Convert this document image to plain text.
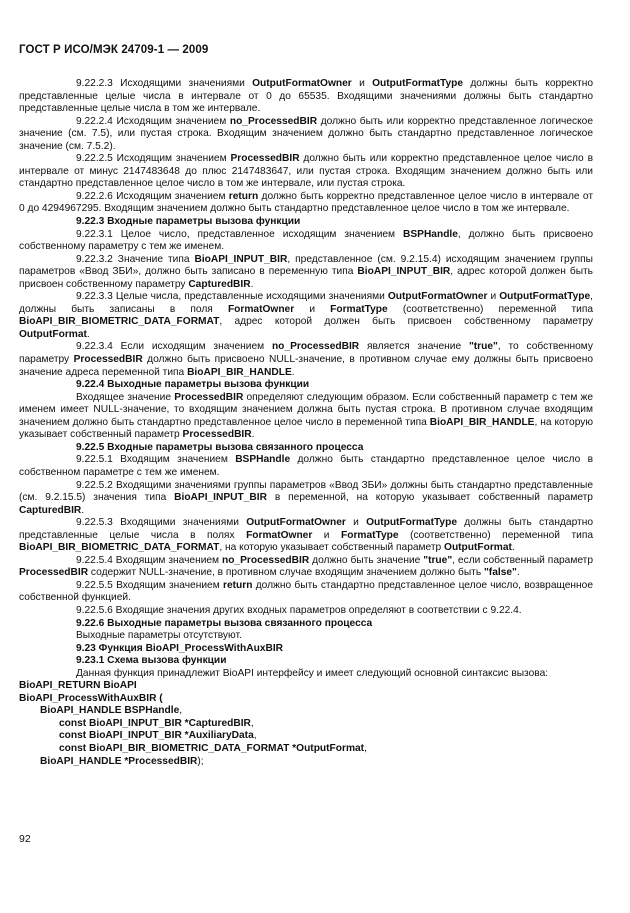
ГОСТ Р ИСО/МЭК 24709-1 — 2009

9.22.2.3 Исходящими значениями OutputFormatOwner и OutputFormatType должны быть корректно представленные целые числа в интервале от 0 до 65535. Входящими значениями должны быть стандартно представленные целые числа в том же интервале.

9.22.2.4 Исходящим значением no_ProcessedBIR должно быть или корректно представленное логическое значение (см. 7.5), или пустая строка. Входящим значением должно быть стандартно представленное логическое значение (см. 7.5.2).

9.22.2.5 Исходящим значением ProcessedBIR должно быть или корректно представленное целое число в интервале от минус 2147483648 до плюс 2147483647, или пустая строка. Входящим значением должно быть или стандартно представленное целое число в том же интервале, или пустая строка.

9.22.2.6 Исходящим значением return должно быть корректно представленное целое число в интервале от 0 до 4294967295. Входящим значением должно быть стандартно представленное целое число в том же интервале.

9.22.3 Входные параметры вызова функции

9.22.3.1 Целое число, представленное исходящим значением BSPHandle, должно быть присвоено собственному параметру с тем же именем.

9.22.3.2 Значение типа BioAPI_INPUT_BIR, представленное (см. 9.2.15.4) исходящим значением группы параметров «Ввод ЗБИ», должно быть записано в переменную типа BioAPI_INPUT_BIR, адрес которой должен быть присвоен собственному параметру CapturedBIR.

9.22.3.3 Целые числа, представленные исходящими значениями OutputFormatOwner и OutputFormatType, должны быть записаны в поля FormatOwner и FormatType (соответственно) переменной типа BioAPI_BIR_BIOMETRIC_DATA_FORMAT, адрес которой должен быть присвоен собственному параметру OutputFormat.

9.22.3.4 Если исходящим значением no_ProcessedBIR является значение "true", то собственному параметру ProcessedBIR должно быть присвоено NULL-значение, в противном случае ему должны быть присвоено значение адреса переменной типа BioAPI_BIR_HANDLE.

9.22.4 Выходные параметры вызова функции

Входящее значение ProcessedBIR определяют следующим образом. Если собственный параметр с тем же именем имеет NULL-значение, то входящим значением должна быть пустая строка. В противном случае входящим значением должно быть стандартно представленное целое число в переменной типа BioAPI_BIR_HANDLE, на которую указывает собственный параметр ProcessedBIR.

9.22.5 Входные параметры вызова связанного процесса

9.22.5.1 Входящим значением BSPHandle должно быть стандартно представленное целое число в собственном параметре с тем же именем.

9.22.5.2 Входящими значениями группы параметров «Ввод ЗБИ» должны быть стандартно представленные (см. 9.2.15.5) значения типа BioAPI_INPUT_BIR в переменной, на которую указывает собственный параметр CapturedBIR.

9.22.5.3 Входящими значениями OutputFormatOwner и OutputFormatType должны быть стандартно представленные целые числа в полях FormatOwner и FormatType (соответственно) переменной типа BioAPI_BIR_BIOMETRIC_DATA_FORMAT, на которую указывает собственный параметр OutputFormat.

9.22.5.4 Входящим значением no_ProcessedBIR должно быть значение "true", если собственный параметр ProcessedBIR содержит NULL-значение, в противном случае входящим значением должно быть "false".

9.22.5.5 Входящим значением return должно быть стандартно представленное целое число, возвращенное собственной функцией.

9.22.5.6 Входящие значения других входных параметров определяют в соответствии с 9.22.4.

9.22.6 Выходные параметры вызова связанного процесса

Выходные параметры отсутствуют.

9.23 Функция BioAPI_ProcessWithAuxBIR

9.23.1 Схема вызова функции

Данная функция принадлежит BioAPI интерфейсу и имеет следующий основной синтаксис вызова:

BioAPI_RETURN BioAPI

BioAPI_ProcessWithAuxBIR (

BioAPI_HANDLE BSPHandle,

const BioAPI_INPUT_BIR *CapturedBIR,

const BioAPI_INPUT_BIR *AuxiliaryData,

const BioAPI_BIR_BIOMETRIC_DATA_FORMAT *OutputFormat,

BioAPI_HANDLE *ProcessedBIR);

92
